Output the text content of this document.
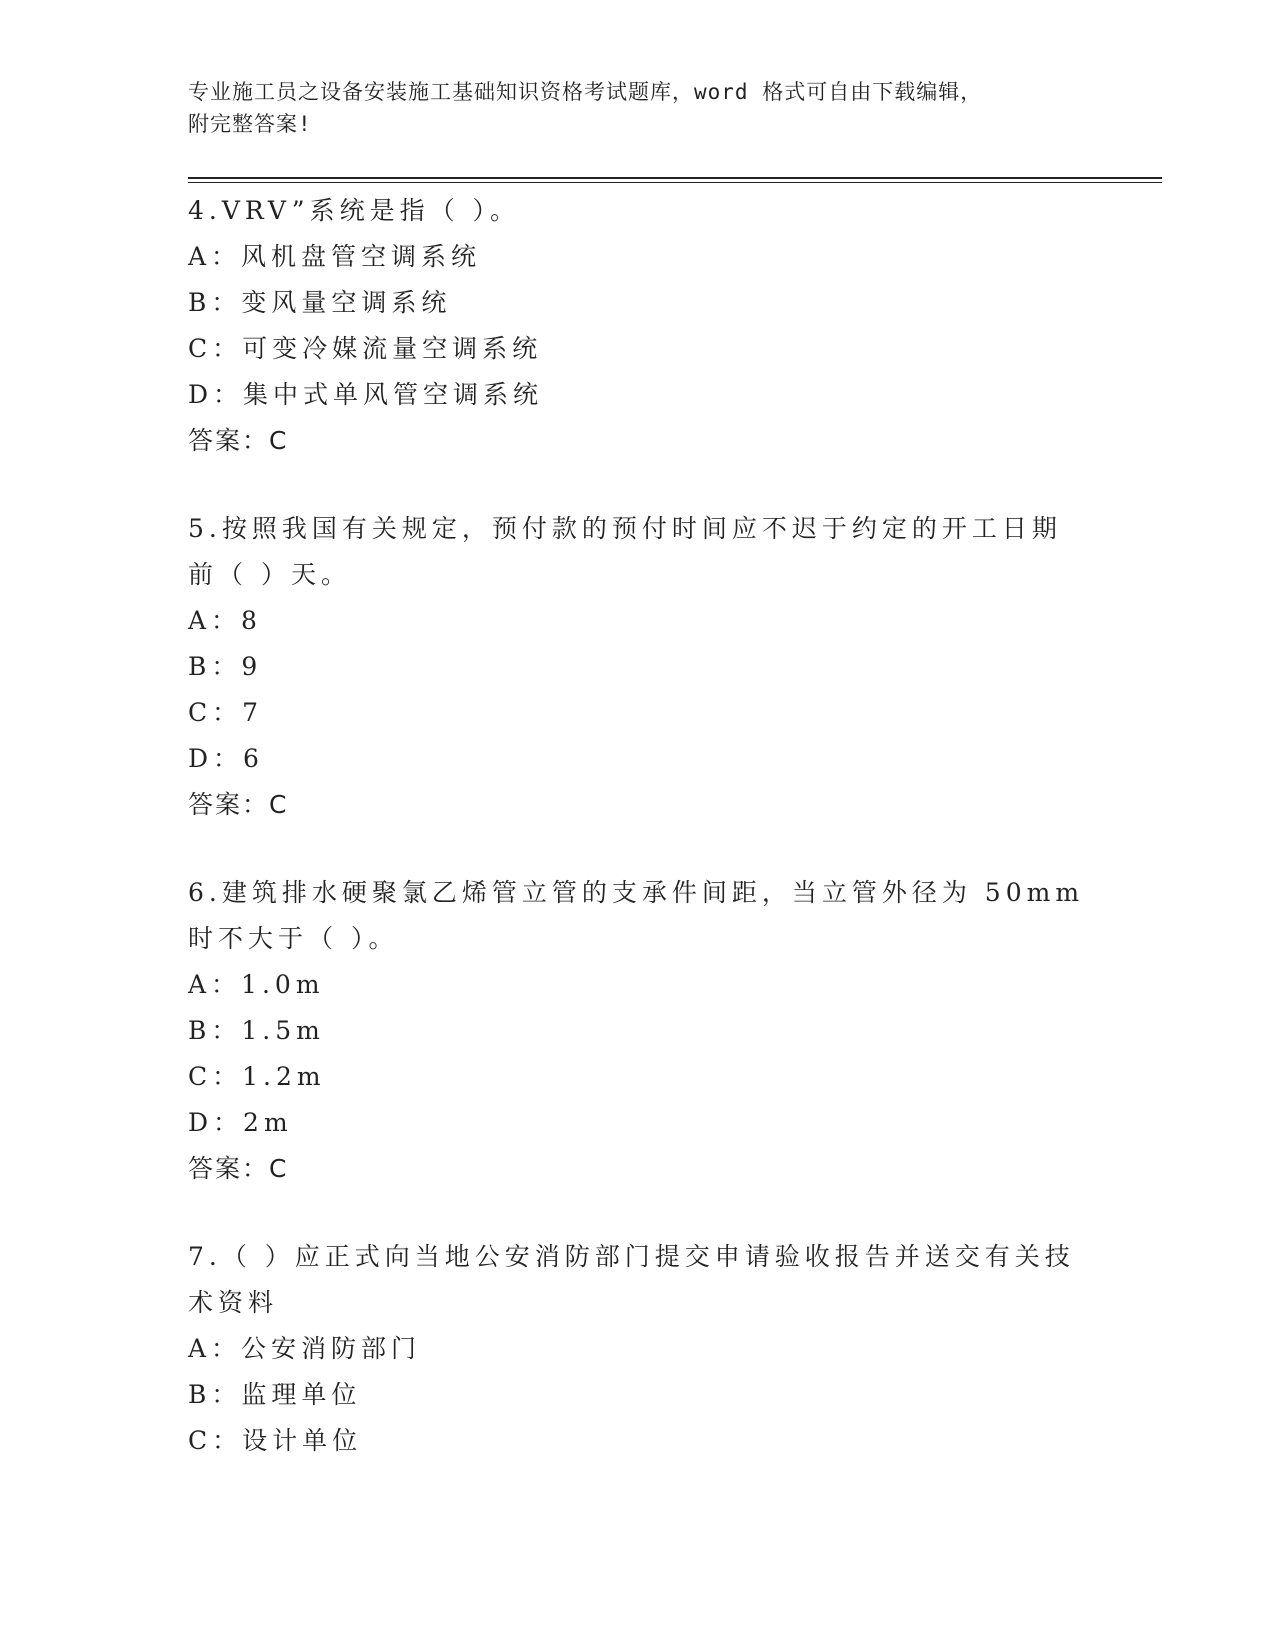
专业施工员之设备安装施工基础知识资格考试题库，word 格式可自由下载编辑，
附完整答案!
4.VRV”系统是指（ ）。
A：风机盘管空调系统
B：变风量空调系统
C：可变冷媒流量空调系统
D：集中式单风管空调系统
答案：C
5.按照我国有关规定，预付款的预付时间应不迟于约定的开工日期前（ ）天。
A：8
B：9
C：7
D：6
答案：C
6.建筑排水硬聚氯乙烯管立管的支承件间距，当立管外径为 50mm 时不大于（ ）。
A：1.0m
B：1.5m
C：1.2m
D：2m
答案：C
7.（ ）应正式向当地公安消防部门提交申请验收报告并送交有关技术资料
A：公安消防部门
B：监理单位
C：设计单位
